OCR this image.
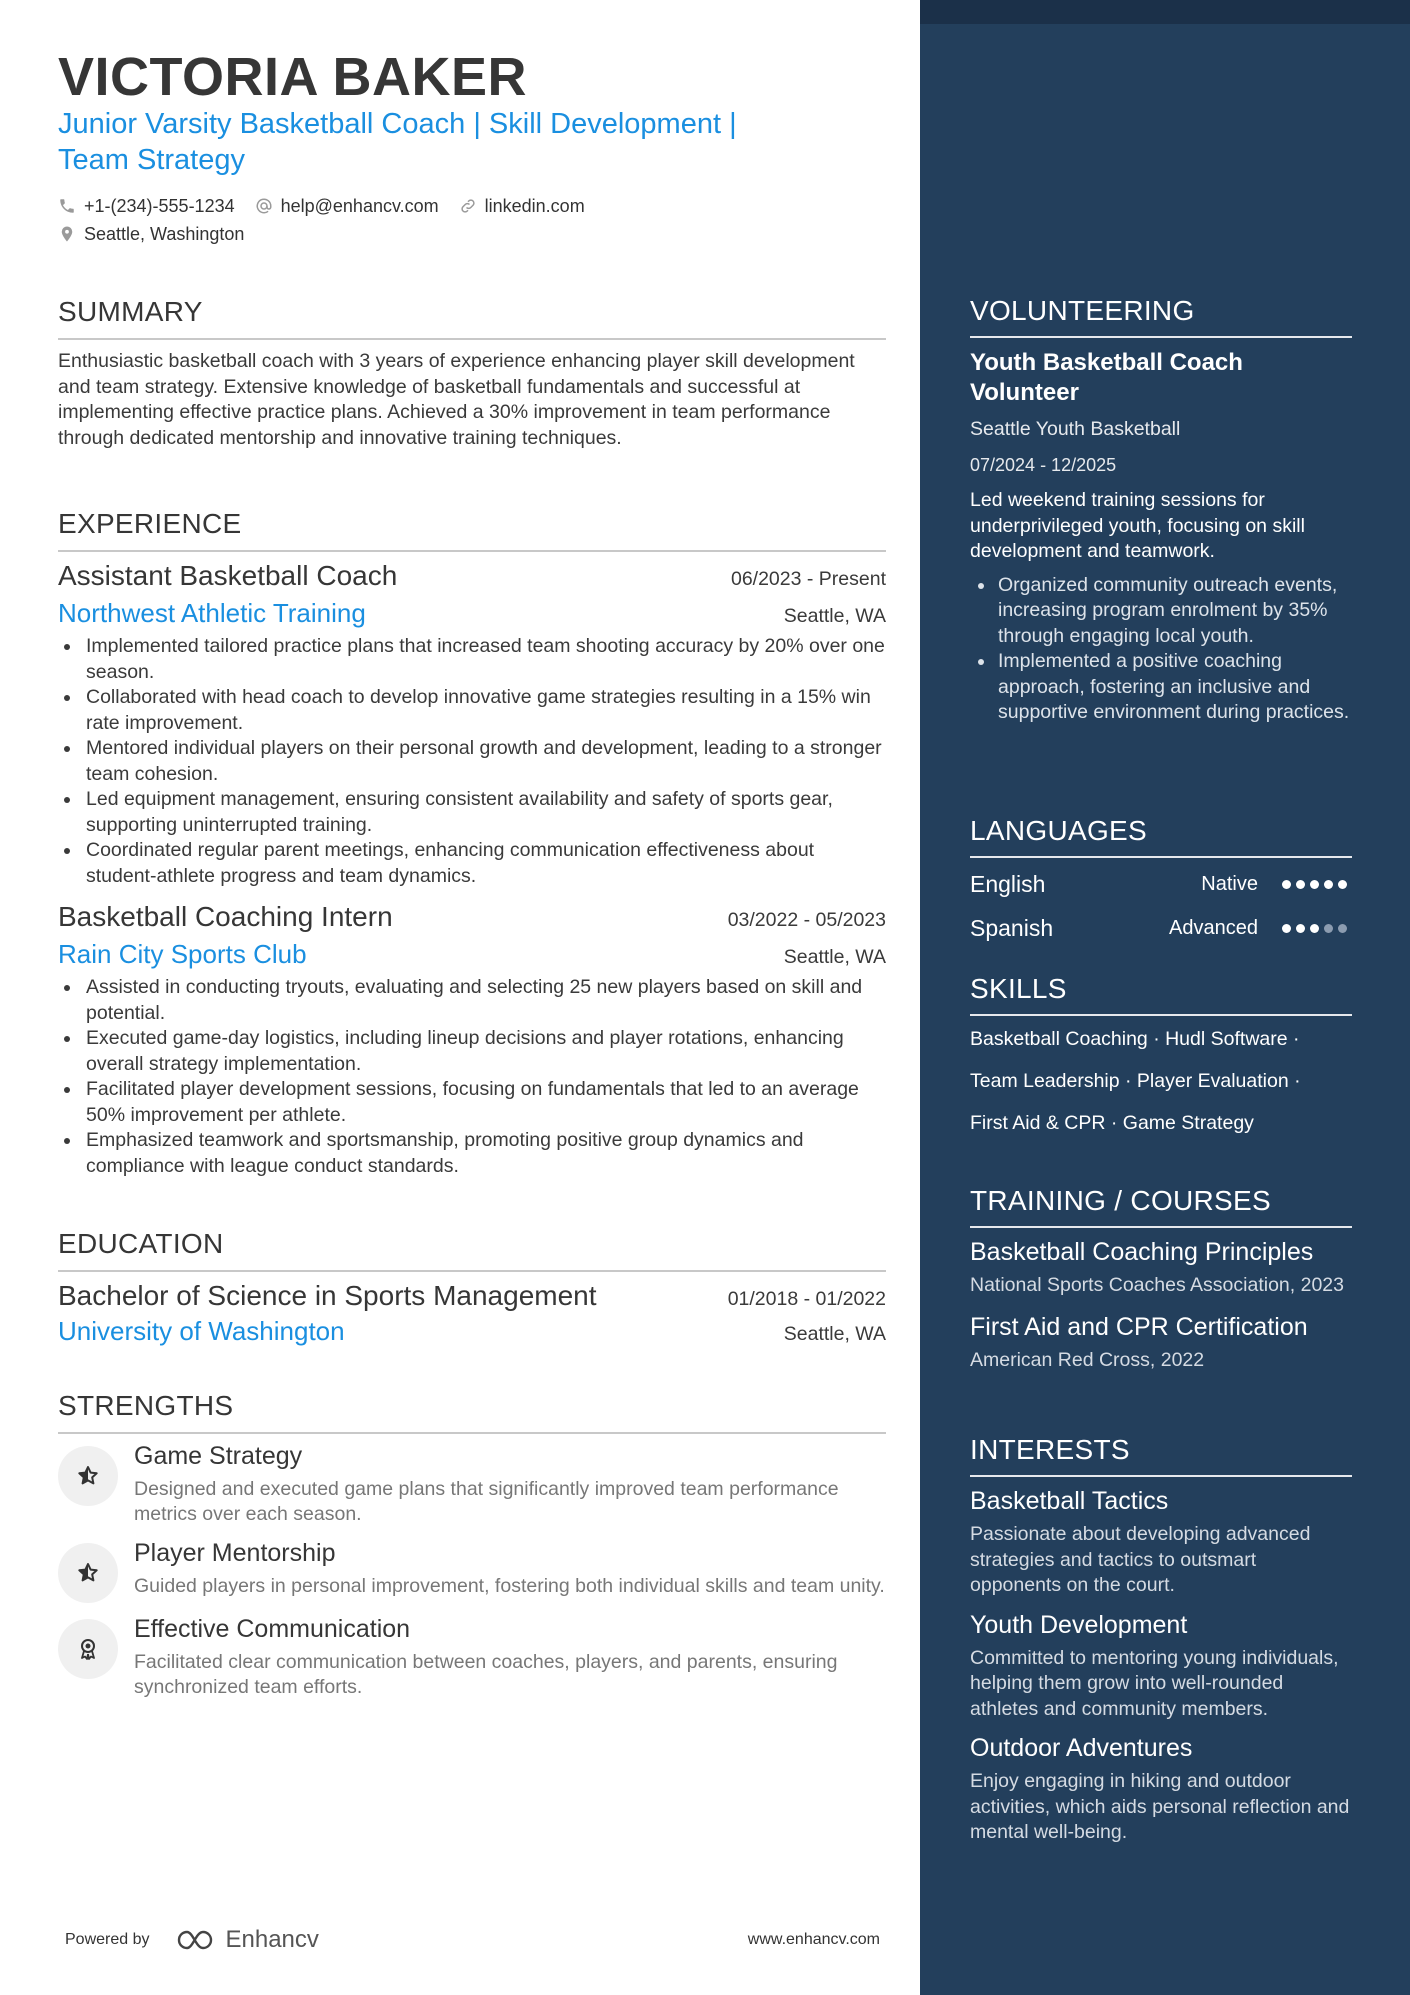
VICTORIA BAKER
Junior Varsity Basketball Coach | Skill Development |
Team Strategy
+1-(234)-555-1234	help@enhancv.com	linkedin.com
Seattle, Washington
SUMMARY
Enthusiastic basketball coach with 3 years of experience enhancing player skill development and team strategy. Extensive knowledge of basketball fundamentals and successful at implementing effective practice plans. Achieved a 30% improvement in team performance through dedicated mentorship and innovative training techniques.
EXPERIENCE
Assistant Basketball Coach	06/2023 - Present
Northwest Athletic Training	Seattle, WA
Implemented tailored practice plans that increased team shooting accuracy by 20% over one season.
Collaborated with head coach to develop innovative game strategies resulting in a 15% win rate improvement.
Mentored individual players on their personal growth and development, leading to a stronger team cohesion.
Led equipment management, ensuring consistent availability and safety of sports gear, supporting uninterrupted training.
Coordinated regular parent meetings, enhancing communication effectiveness about student-athlete progress and team dynamics.
Basketball Coaching Intern	03/2022 - 05/2023
Rain City Sports Club	Seattle, WA
Assisted in conducting tryouts, evaluating and selecting 25 new players based on skill and potential.
Executed game-day logistics, including lineup decisions and player rotations, enhancing overall strategy implementation.
Facilitated player development sessions, focusing on fundamentals that led to an average 50% improvement per athlete.
Emphasized teamwork and sportsmanship, promoting positive group dynamics and compliance with league conduct standards.
EDUCATION
Bachelor of Science in Sports Management	01/2018 - 01/2022
University of Washington	Seattle, WA
STRENGTHS
Game Strategy
Designed and executed game plans that significantly improved team performance metrics over each season.
Player Mentorship
Guided players in personal improvement, fostering both individual skills and team unity.
Effective Communication
Facilitated clear communication between coaches, players, and parents, ensuring synchronized team efforts.
Powered by	Enhancv	www.enhancv.com
VOLUNTEERING
Youth Basketball Coach Volunteer
Seattle Youth Basketball
07/2024 - 12/2025
Led weekend training sessions for underprivileged youth, focusing on skill development and teamwork.
Organized community outreach events, increasing program enrolment by 35% through engaging local youth.
Implemented a positive coaching approach, fostering an inclusive and supportive environment during practices.
LANGUAGES
English	Native
Spanish	Advanced
SKILLS
Basketball Coaching · Hudl Software ·
Team Leadership · Player Evaluation ·
First Aid & CPR · Game Strategy
TRAINING / COURSES
Basketball Coaching Principles
National Sports Coaches Association, 2023
First Aid and CPR Certification
American Red Cross, 2022
INTERESTS
Basketball Tactics
Passionate about developing advanced strategies and tactics to outsmart opponents on the court.
Youth Development
Committed to mentoring young individuals, helping them grow into well-rounded athletes and community members.
Outdoor Adventures
Enjoy engaging in hiking and outdoor activities, which aids personal reflection and mental well-being.
